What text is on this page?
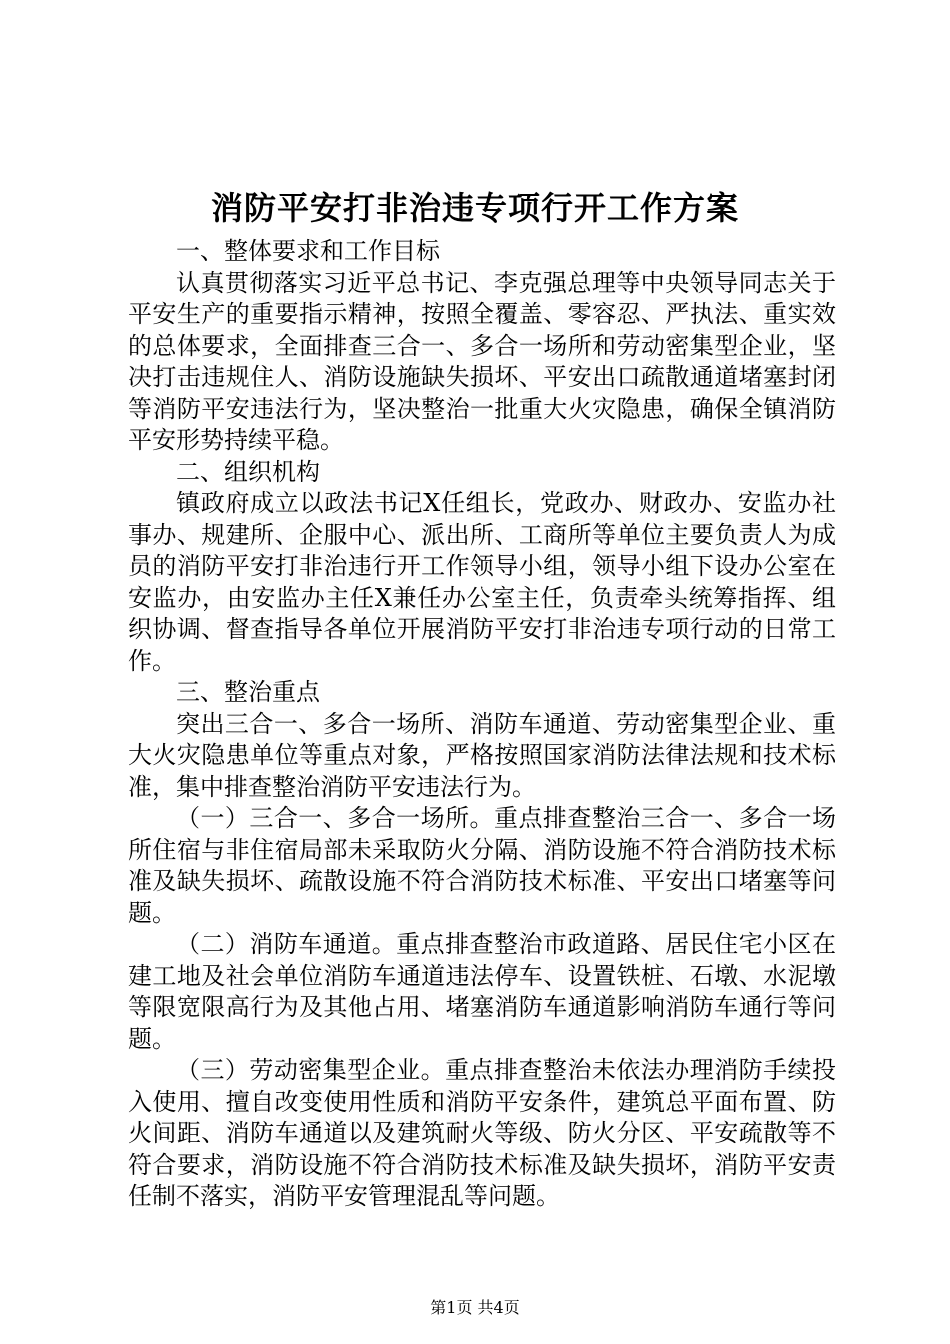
消防平安打非治违专项行开工作方案

一、整体要求和工作目标

认真贯彻落实习近平总书记、李克强总理等中央领导同志关于平安生产的重要指示精神，按照全覆盖、零容忍、严执法、重实效的总体要求，全面排查三合一、多合一场所和劳动密集型企业，坚决打击违规住人、消防设施缺失损坏、平安出口疏散通道堵塞封闭等消防平安违法行为，坚决整治一批重大火灾隐患，确保全镇消防平安形势持续平稳。

二、组织机构

镇政府成立以政法书记X任组长，党政办、财政办、安监办社事办、规建所、企服中心、派出所、工商所等单位主要负责人为成员的消防平安打非治违行开工作领导小组，领导小组下设办公室在安监办，由安监办主任X兼任办公室主任，负责牵头统筹指挥、组织协调、督查指导各单位开展消防平安打非治违专项行动的日常工作。

三、整治重点

突出三合一、多合一场所、消防车通道、劳动密集型企业、重大火灾隐患单位等重点对象，严格按照国家消防法律法规和技术标准，集中排查整治消防平安违法行为。

（一）三合一、多合一场所。重点排查整治三合一、多合一场所住宿与非住宿局部未采取防火分隔、消防设施不符合消防技术标准及缺失损坏、疏散设施不符合消防技术标准、平安出口堵塞等问题。

（二）消防车通道。重点排查整治市政道路、居民住宅小区在建工地及社会单位消防车通道违法停车、设置铁桩、石墩、水泥墩等限宽限高行为及其他占用、堵塞消防车通道影响消防车通行等问题。

（三）劳动密集型企业。重点排查整治未依法办理消防手续投入使用、擅自改变使用性质和消防平安条件，建筑总平面布置、防火间距、消防车通道以及建筑耐火等级、防火分区、平安疏散等不符合要求，消防设施不符合消防技术标准及缺失损坏，消防平安责任制不落实，消防平安管理混乱等问题。

第1页 共4页
